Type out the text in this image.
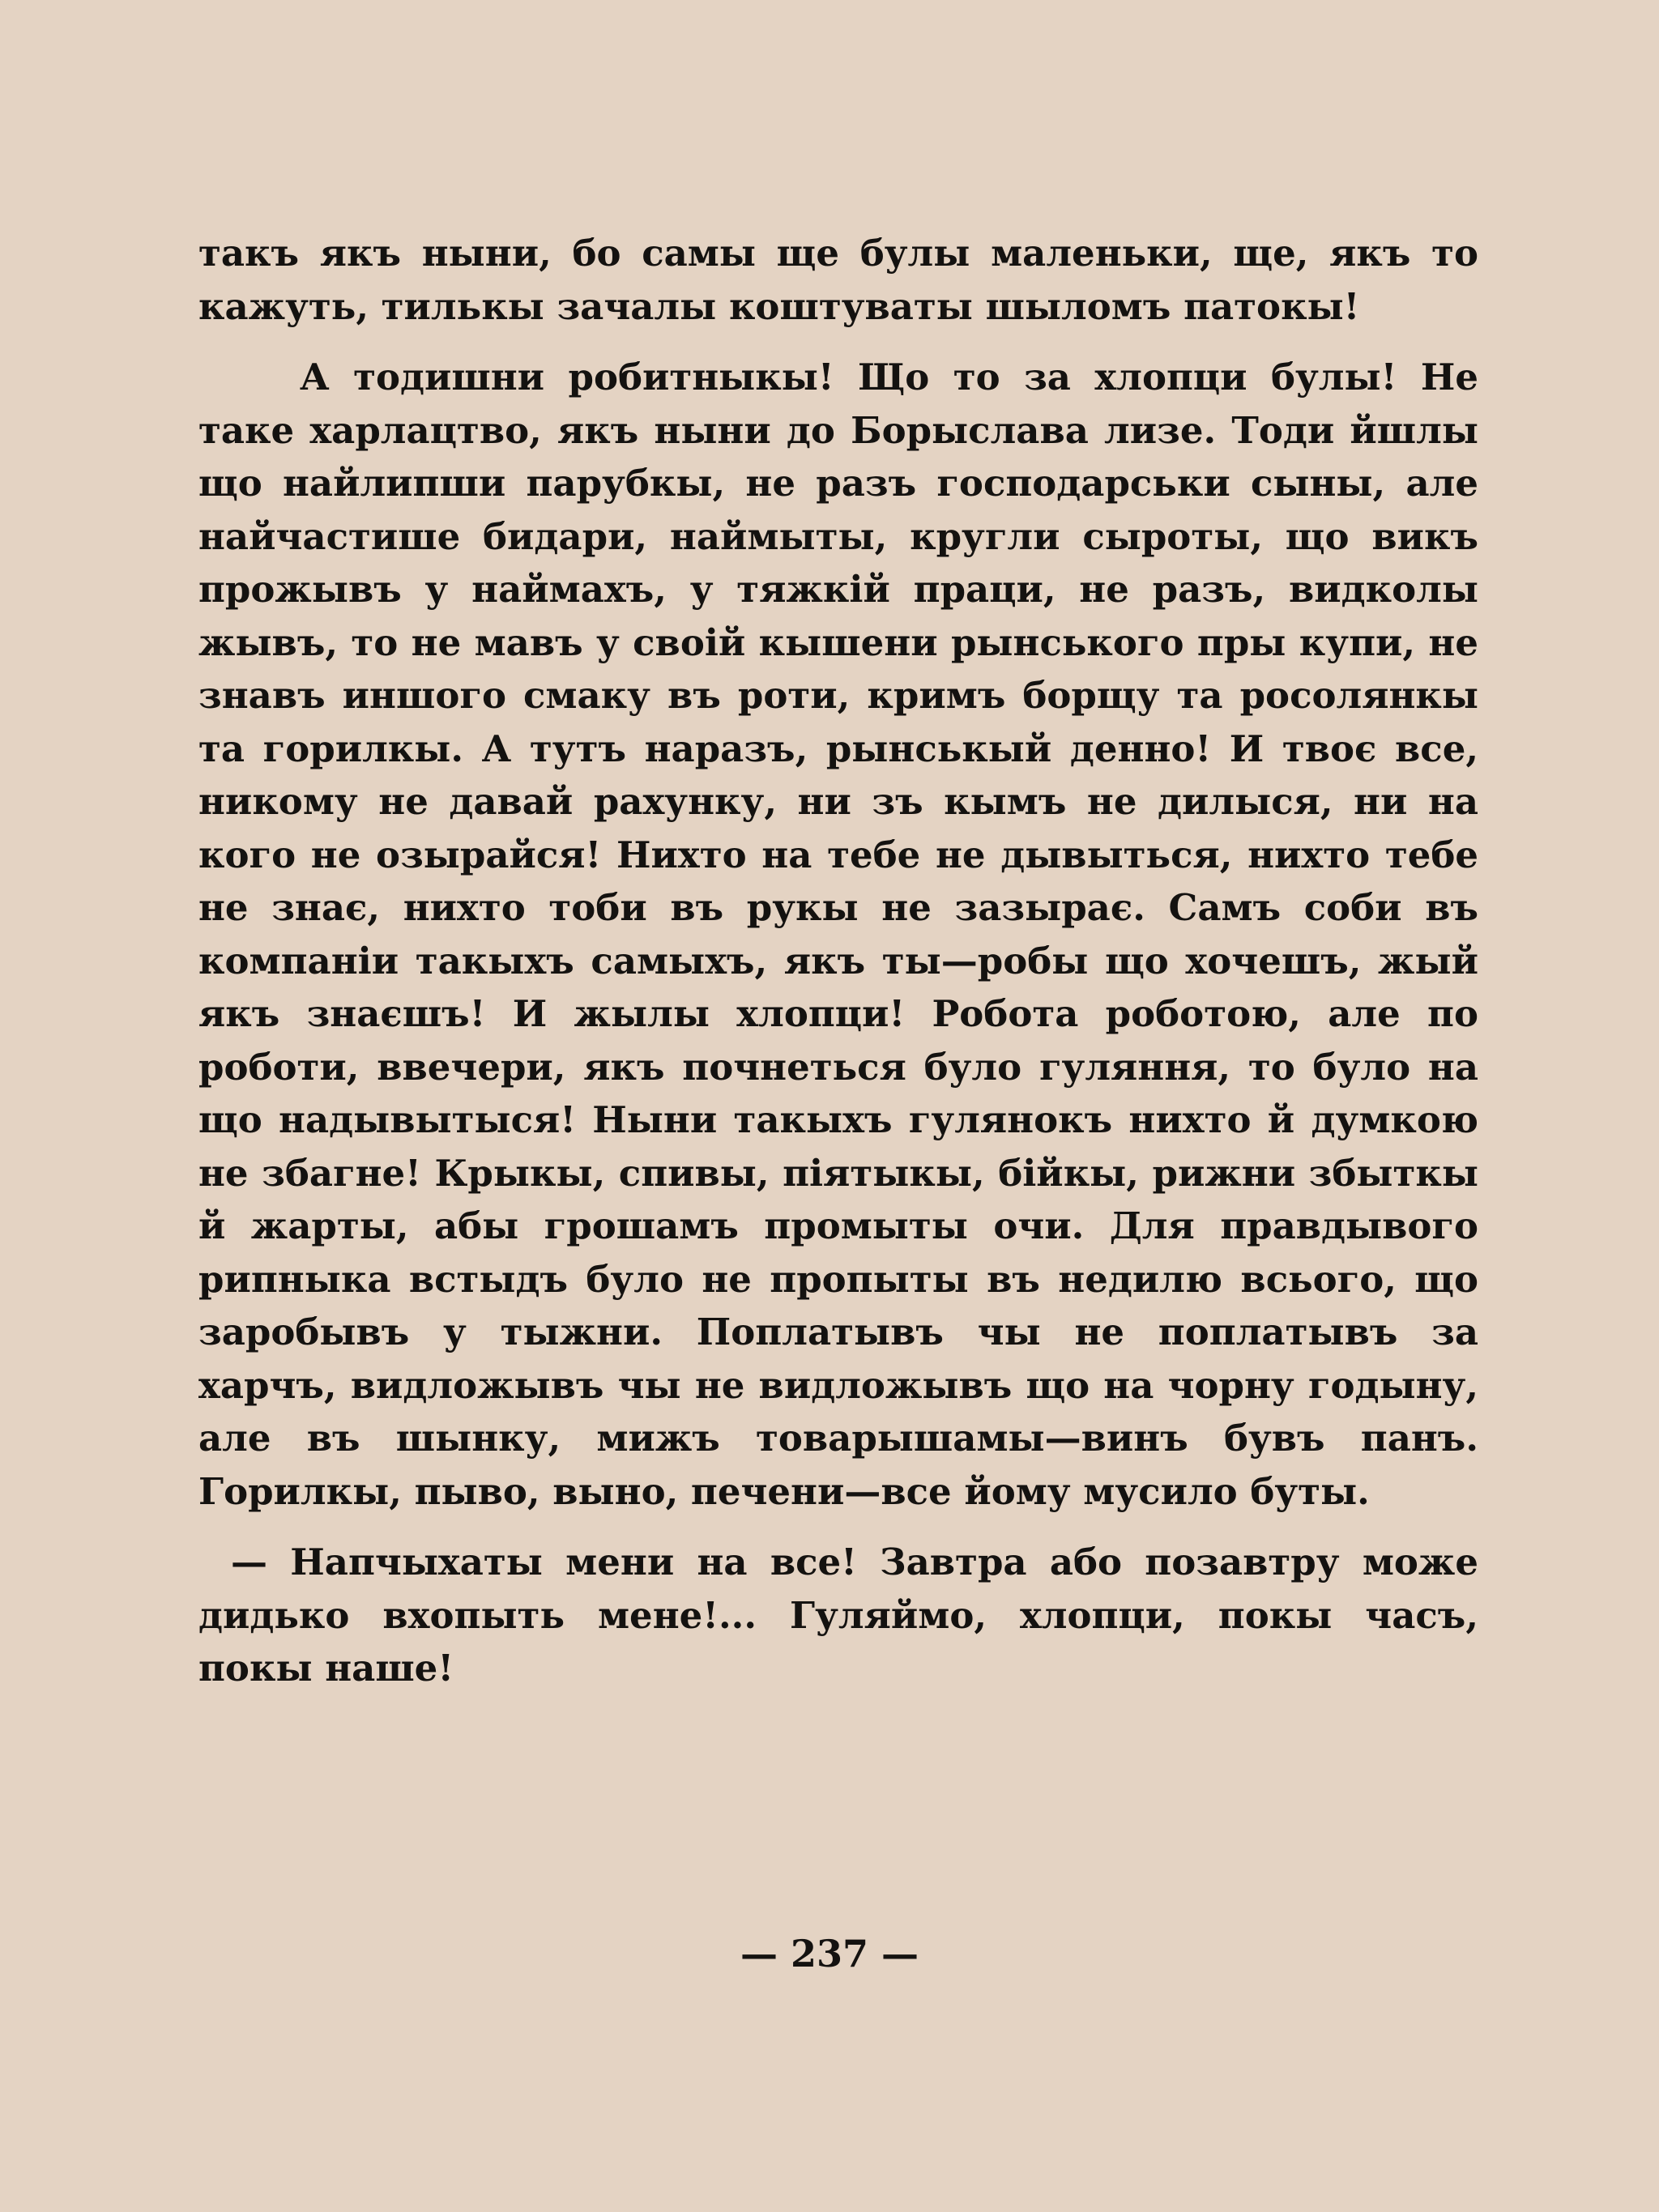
такъ якъ ныни, бо самы ще булы маленьки, ще, якъ то кажуть, тилькы зачалы коштуваты шыломъ патокы!

А тодишни робитныкы! Що то за хлопци булы! Не таке харлацтво, якъ ныни до Борыслава лизе. Тоди йшлы що найлипши парубкы, не разъ господарськи сыны, але найчастише бидари, наймыты, кругли сыроты, що викъ прожывъ у наймахъ, у тяжкій праци, не разъ, видколы жывъ, то не мавъ у своій кышени рынського пры купи, не знавъ иншого смаку въ роти, кримъ борщу та росолянкы та горилкы. А тутъ наразъ, рынськый денно! И твоє все, никому не давай рахунку, ни зъ кымъ не дилыся, ни на кого не озырайся! Нихто на тебе не дывыться, нихто тебе не знає, нихто тоби въ рукы не зазырає. Самъ соби въ компаніи такыхъ самыхъ, якъ ты—робы що хочешъ, жый якъ знаєшъ! И жылы хлопци! Робота роботою, але по роботи, ввечери, якъ почнеться було гуляння, то було на що надывытыся! Ныни такыхъ гулянокъ нихто й думкою не збагне! Крыкы, спивы, піятыкы, бійкы, рижни збыткы й жарты, абы грошамъ промыты очи. Для правдывого рипныка встыдъ було не пропыты въ недилю всього, що заробывъ у тыжни. Поплатывъ чы не поплатывъ за харчъ, видложывъ чы не видложывъ що на чорну годыну, але въ шынку, мижъ товарышамы—винъ бувъ панъ. Горилкы, пыво, выно, печени—все йому мусило буты.

— Напчыхаты мени на все! Завтра або позавтру може дидько вхопыть мене!... Гуляймо, хлопци, покы часъ, покы наше!

— 237 —
